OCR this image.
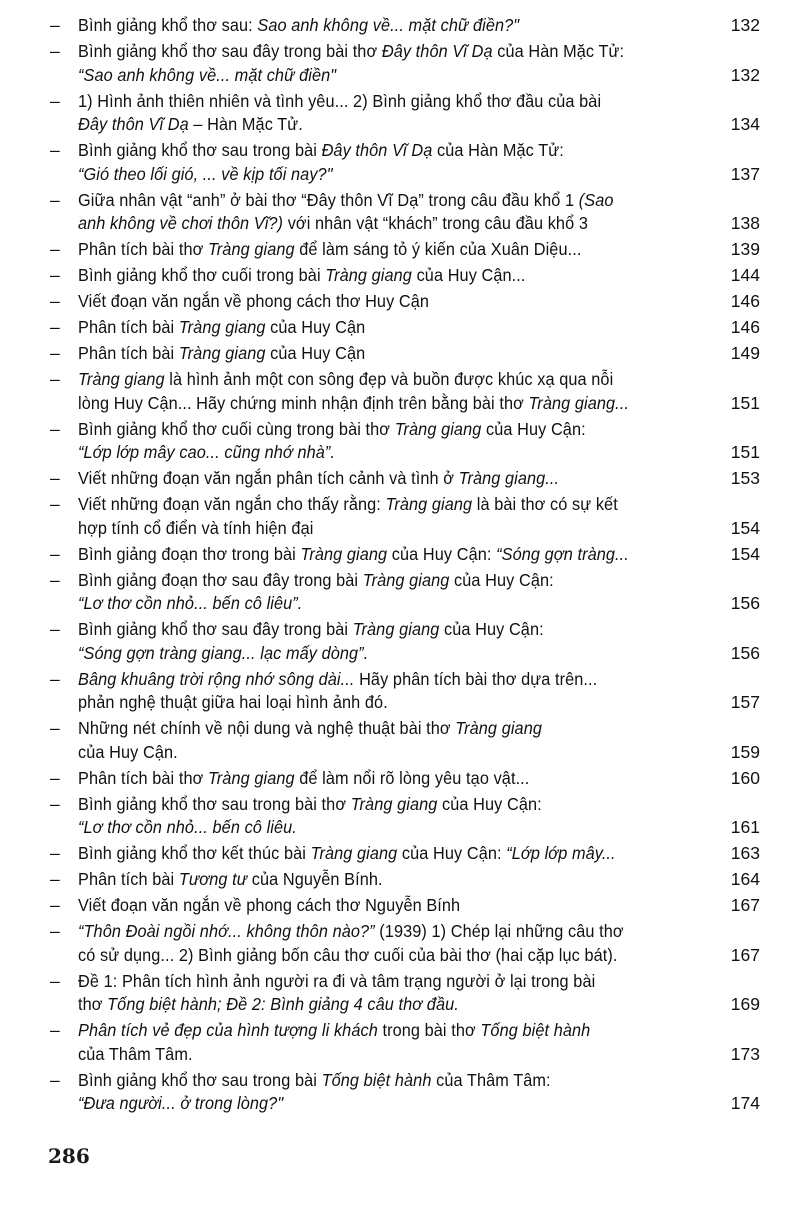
–	Bình giảng khổ thơ sau: Sao anh không về... mặt chữ điền?"	132
–	Bình giảng khổ thơ sau đây trong bài thơ Đây thôn Vĩ Dạ của Hàn Mặc Tử:
“Sao anh không về... mặt chữ điền"	132
–	1) Hình ảnh thiên nhiên và tình yêu... 2) Bình giảng khổ thơ đầu của bài
Đây thôn Vĩ Dạ – Hàn Mặc Tử.	134
–	Bình giảng khổ thơ sau trong bài Đây thôn Vĩ Dạ của Hàn Mặc Tử:
“Gió theo lối gió, ... về kịp tối nay?"	137
–	Giữa nhân vật “anh” ở bài thơ “Đây thôn Vĩ Dạ” trong câu đầu khổ 1 (Sao
anh không về chơi thôn Vĩ?) với nhân vật “khách” trong câu đầu khổ 3	138
–	Phân tích bài thơ Tràng giang để làm sáng tỏ ý kiến của Xuân Diệu...	139
–	Bình giảng khổ thơ cuối trong bài Tràng giang của Huy Cận...	144
–	Viết đoạn văn ngắn về phong cách thơ Huy Cận	146
–	Phân tích bài Tràng giang của Huy Cận	146
–	Phân tích bài Tràng giang của Huy Cận	149
–	Tràng giang là hình ảnh một con sông đẹp và buồn được khúc xạ qua nỗi
lòng Huy Cận... Hãy chứng minh nhận định trên bằng bài thơ Tràng giang...	151
–	Bình giảng khổ thơ cuối cùng trong bài thơ Tràng giang của Huy Cận:
“Lớp lớp mây cao... cũng nhớ nhà”.	151
–	Viết những đoạn văn ngắn phân tích cảnh và tình ở Tràng giang...	153
–	Viết những đoạn văn ngắn cho thấy rằng: Tràng giang là bài thơ có sự kết
hợp tính cổ điển và tính hiện đại	154
–	Bình giảng đoạn thơ trong bài Tràng giang của Huy Cận: “Sóng gợn tràng...	154
–	Bình giảng đoạn thơ sau đây trong bài Tràng giang của Huy Cận:
“Lơ thơ cồn nhỏ... bến cô liêu”.	156
–	Bình giảng khổ thơ sau đây trong bài Tràng giang của Huy Cận:
“Sóng gợn tràng giang... lạc mấy dòng”.	156
–	Bâng khuâng trời rộng nhớ sông dài... Hãy phân tích bài thơ dựa trên...
phản nghệ thuật giữa hai loại hình ảnh đó.	157
–	Những nét chính về nội dung và nghệ thuật bài thơ Tràng giang
của Huy Cận.	159
–	Phân tích bài thơ Tràng giang để làm nổi rõ lòng yêu tạo vật...	160
–	Bình giảng khổ thơ sau trong bài thơ Tràng giang của Huy Cận:
“Lơ thơ cồn nhỏ... bến cô liêu.	161
–	Bình giảng khổ thơ kết thúc bài Tràng giang của Huy Cận: “Lớp lớp mây...	163
–	Phân tích bài Tương tư của Nguyễn Bính.	164
–	Viết đoạn văn ngắn về phong cách thơ Nguyễn Bính	167
–	“Thôn Đoài ngồi nhớ... không thôn nào?” (1939) 1) Chép lại những câu thơ
có sử dụng... 2) Bình giảng bốn câu thơ cuối của bài thơ (hai cặp lục bát).	167
–	Đề 1: Phân tích hình ảnh người ra đi và tâm trạng người ở lại trong bài
thơ Tống biệt hành; Đề 2: Bình giảng 4 câu thơ đầu.	169
–	Phân tích vẻ đẹp của hình tượng li khách trong bài thơ Tống biệt hành
của Thâm Tâm.	173
–	Bình giảng khổ thơ sau trong bài Tống biệt hành của Thâm Tâm:
“Đưa người... ở trong lòng?"	174
286
